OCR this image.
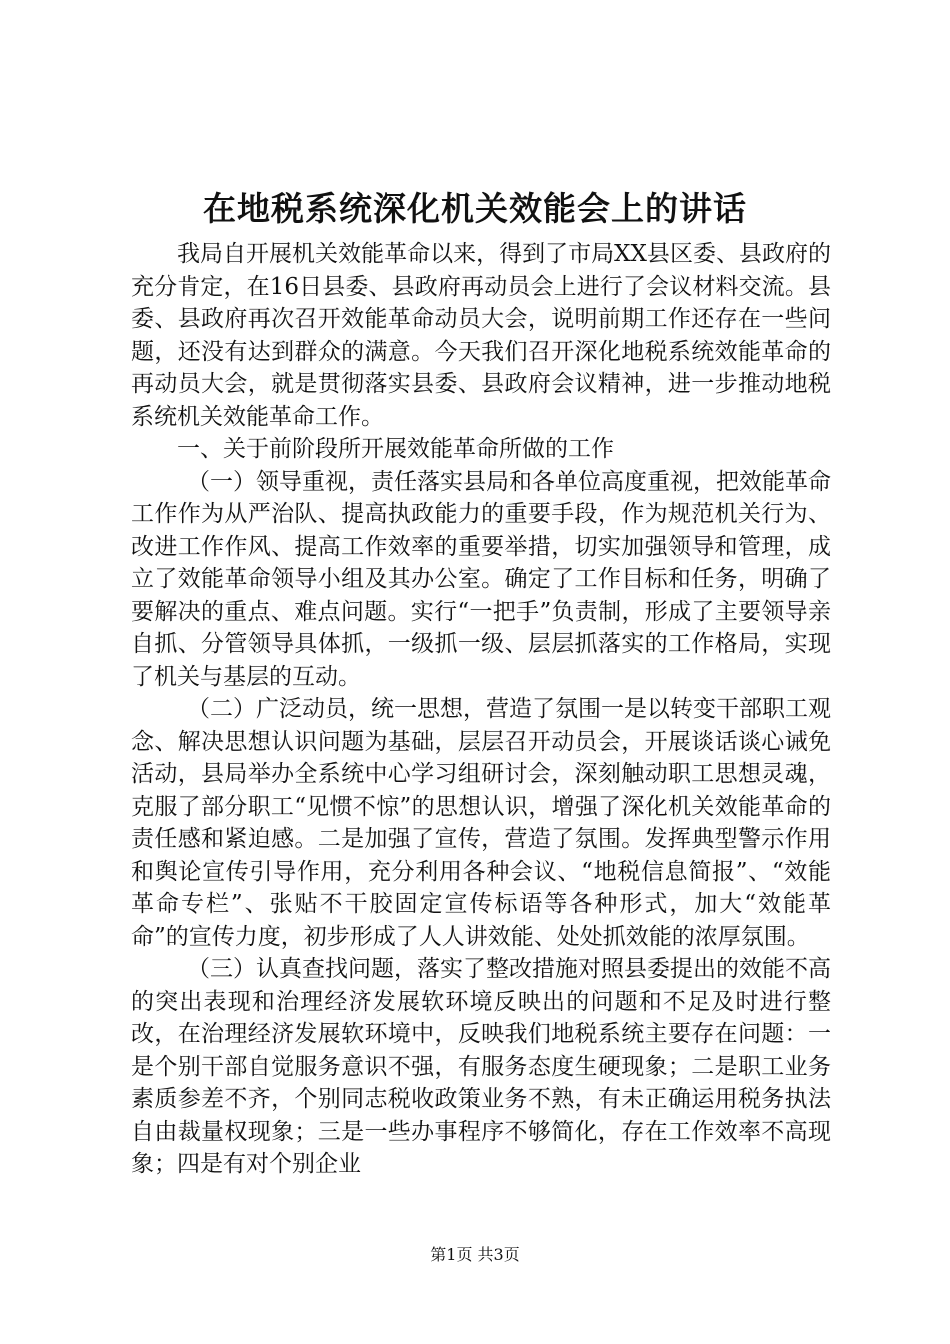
在地税系统深化机关效能会上的讲话

我局自开展机关效能革命以来，得到了市局XX县区委、县政府的充分肯定，在16日县委、县政府再动员会上进行了会议材料交流。县委、县政府再次召开效能革命动员大会，说明前期工作还存在一些问题，还没有达到群众的满意。今天我们召开深化地税系统效能革命的再动员大会，就是贯彻落实县委、县政府会议精神，进一步推动地税系统机关效能革命工作。

一、关于前阶段所开展效能革命所做的工作

（一）领导重视，责任落实县局和各单位高度重视，把效能革命工作作为从严治队、提高执政能力的重要手段，作为规范机关行为、改进工作作风、提高工作效率的重要举措，切实加强领导和管理，成立了效能革命领导小组及其办公室。确定了工作目标和任务，明确了要解决的重点、难点问题。实行“一把手”负责制，形成了主要领导亲自抓、分管领导具体抓，一级抓一级、层层抓落实的工作格局，实现了机关与基层的互动。

（二）广泛动员，统一思想，营造了氛围一是以转变干部职工观念、解决思想认识问题为基础，层层召开动员会，开展谈话谈心诫免活动，县局举办全系统中心学习组研讨会，深刻触动职工思想灵魂，克服了部分职工“见惯不惊”的思想认识，增强了深化机关效能革命的责任感和紧迫感。二是加强了宣传，营造了氛围。发挥典型警示作用和舆论宣传引导作用，充分利用各种会议、“地税信息简报”、“效能革命专栏”、张贴不干胶固定宣传标语等各种形式，加大“效能革命”的宣传力度，初步形成了人人讲效能、处处抓效能的浓厚氛围。

（三）认真查找问题，落实了整改措施对照县委提出的效能不高的突出表现和治理经济发展软环境反映出的问题和不足及时进行整改，在治理经济发展软环境中，反映我们地税系统主要存在问题：一是个别干部自觉服务意识不强，有服务态度生硬现象；二是职工业务素质参差不齐，个别同志税收政策业务不熟，有未正确运用税务执法自由裁量权现象；三是一些办事程序不够简化，存在工作效率不高现象；四是有对个别企业

第1页 共3页
